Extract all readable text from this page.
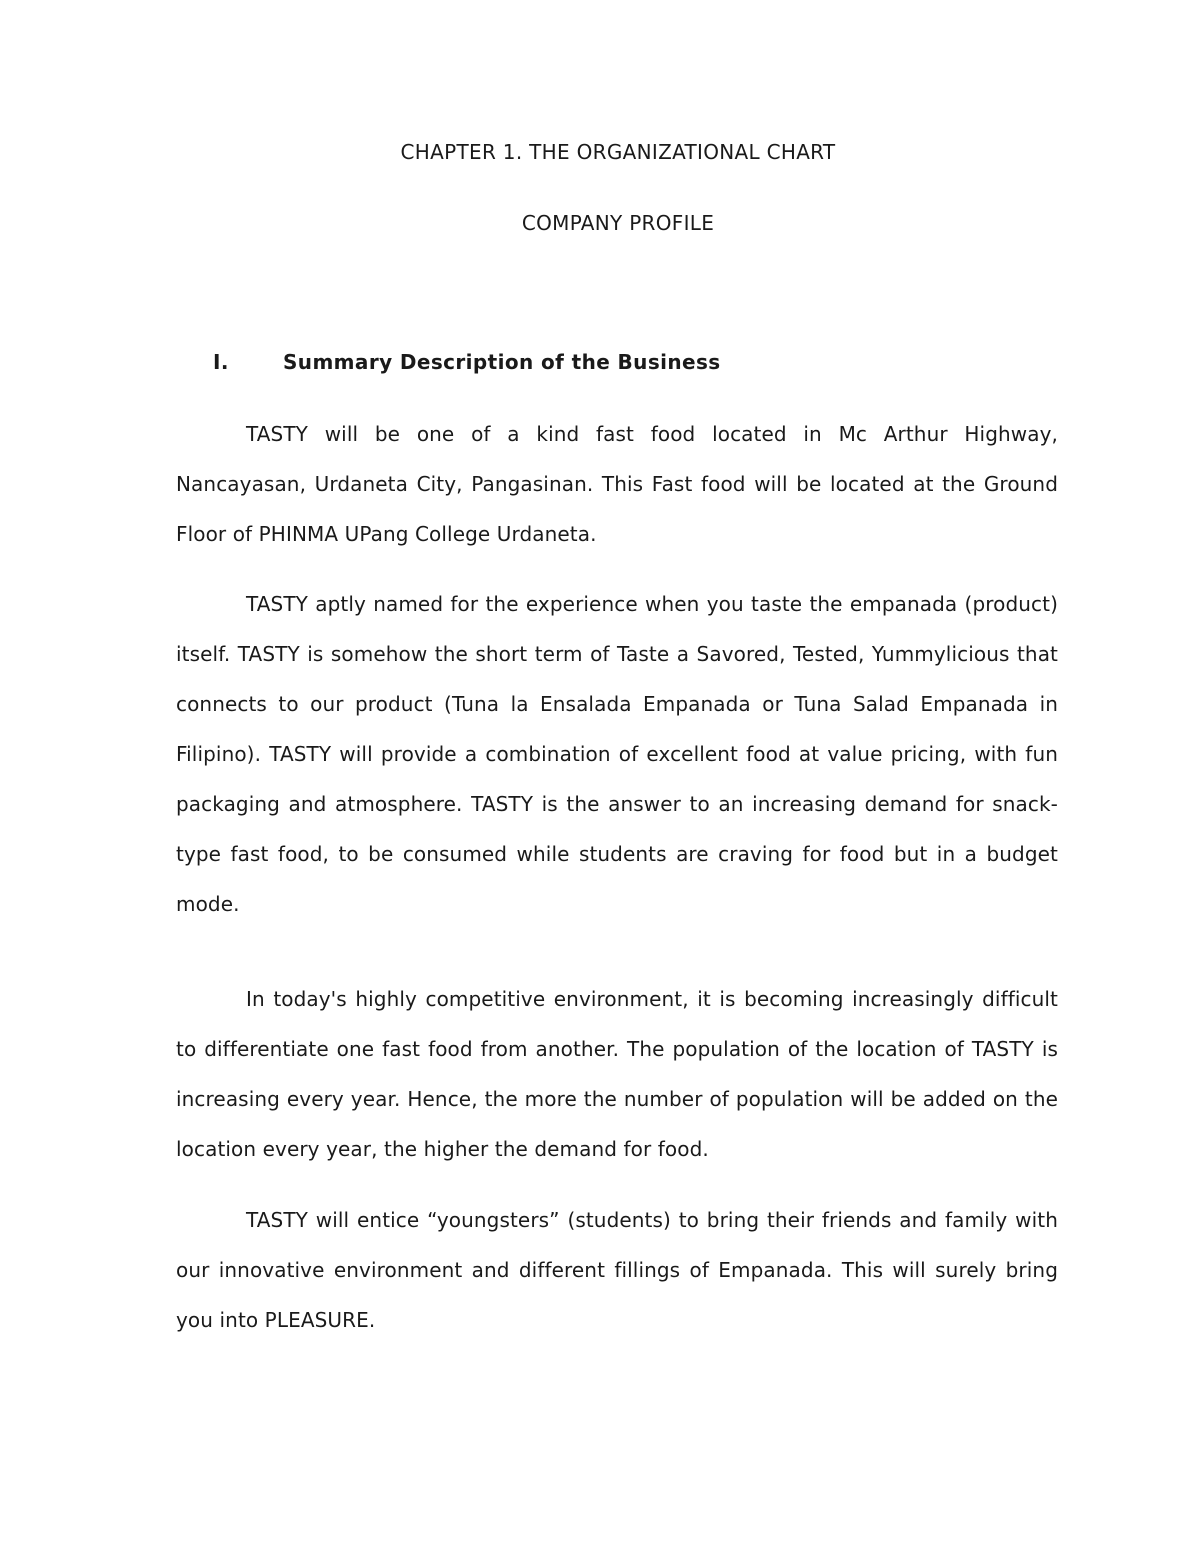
CHAPTER 1. THE ORGANIZATIONAL CHART
COMPANY PROFILE
I.	Summary Description of the Business

TASTY will be one of a kind fast food located in Mc Arthur Highway, Nancayasan, Urdaneta City, Pangasinan. This Fast food will be located at the Ground Floor of PHINMA UPang College Urdaneta.

TASTY aptly named for the experience when you taste the empanada (product) itself. TASTY is somehow the short term of Taste a Savored, Tested, Yummylicious that connects to our product (Tuna la Ensalada Empanada or Tuna Salad Empanada in Filipino). TASTY will provide a combination of excellent food at value pricing, with fun packaging and atmosphere. TASTY is the answer to an increasing demand for snack-type fast food, to be consumed while students are craving for food but in a budget mode.

In today's highly competitive environment, it is becoming increasingly difficult to differentiate one fast food from another. The population of the location of TASTY is increasing every year. Hence, the more the number of population will be added on the location every year, the higher the demand for food.

TASTY will entice “youngsters” (students) to bring their friends and family with our innovative environment and different fillings of Empanada. This will surely bring you into PLEASURE.
